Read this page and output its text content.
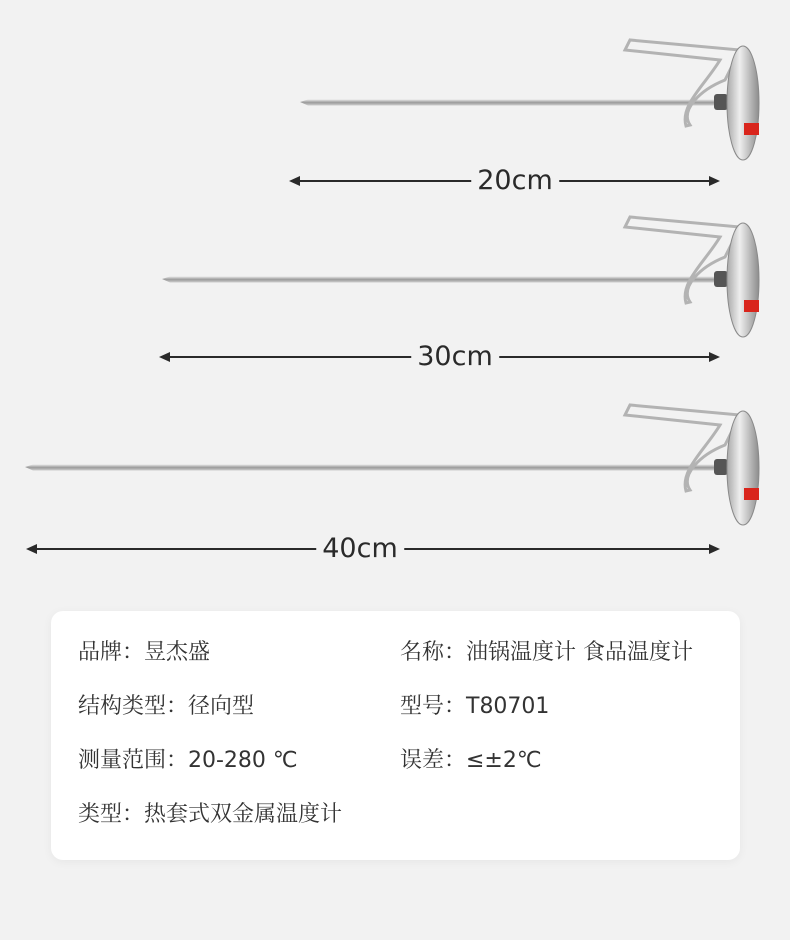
20cm
30cm
40cm
品牌：昱杰盛	名称：油锅温度计 食品温度计
结构类型：径向型	型号：T80701
测量范围：20-280 ℃	误差：≤±2℃
类型：热套式双金属温度计
